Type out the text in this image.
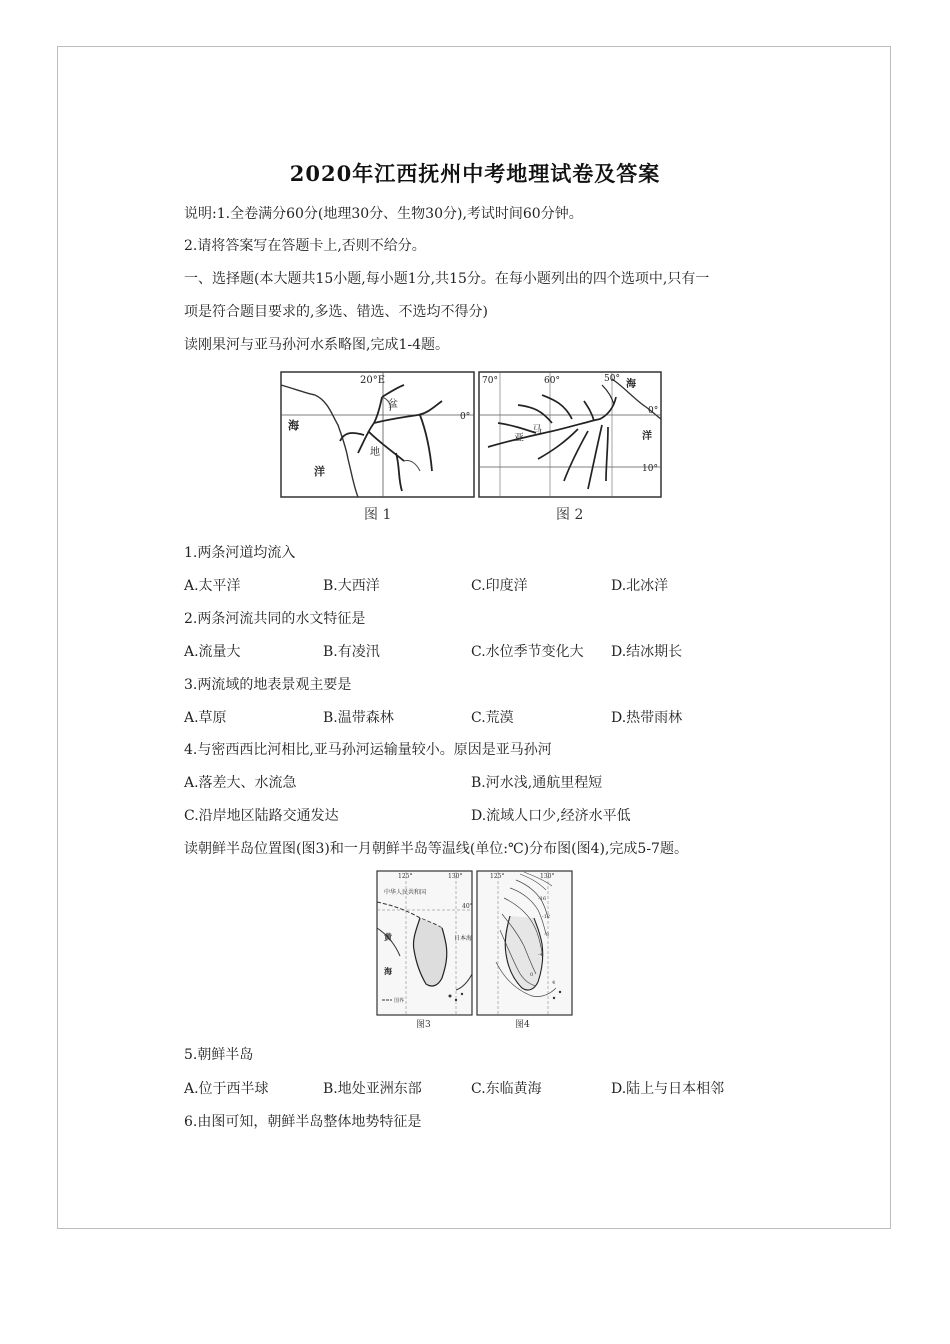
2020年江西抚州中考地理试卷及答案
说明:1.全卷满分60分(地理30分、生物30分),考试时间60分钟。
2.请将答案写在答题卡上,否则不给分。
一、选择题(本大题共15小题,每小题1分,共15分。在每小题列出的四个选项中,只有一
项是符合题目要求的,多选、错选、不选均不得分)
读刚果河与亚马孙河水系略图,完成1-4题。
20°E
0°
海
洋
盆
地
图 1
70°	60°	50°
0°
10°
亚
马
海
洋
图 2
1.两条河道均流入
A.太平洋	B.大西洋	C.印度洋	D.北冰洋
2.两条河流共同的水文特征是
A.流量大	B.有凌汛	C.水位季节变化大 D.结冰期长
3.两流域的地表景观主要是
A.草原	B.温带森林	C.荒漠	D.热带雨林
4.与密西西比河相比,亚马孙河运输量较小。原因是亚马孙河
A.落差大、水流急	B.河水浅,通航里程短
C.沿岸地区陆路交通发达	D.流域人口少,经济水平低
读朝鲜半岛位置图(图3)和一月朝鲜半岛等温线(单位:℃)分布图(图4),完成5-7题。
125°	130°
40°
中华人民共和国
黄
海
日本海
国界
图3
125°	130°
-16
-12
-8
-4
0
4
图4
5.朝鲜半岛
A.位于西半球	B.地处亚洲东部	C.东临黄海	D.陆上与日本相邻
6.由图可知，朝鲜半岛整体地势特征是
